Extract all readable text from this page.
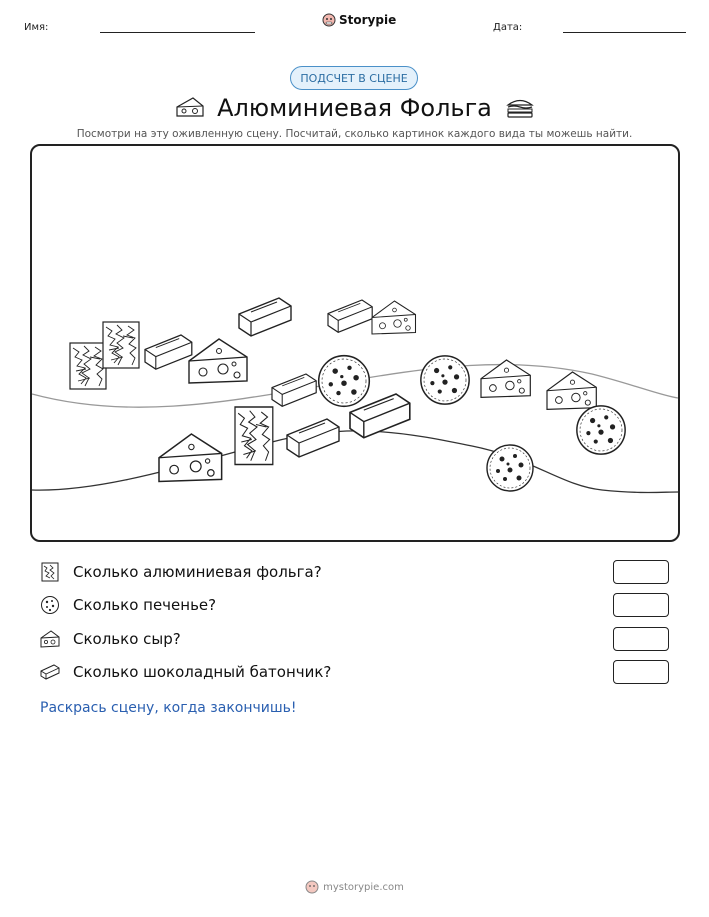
Имя:
Storypie
Дата:
ПОДСЧЕТ В СЦЕНЕ
Алюминиевая Фольга
Посмотри на эту оживленную сцену. Посчитай, сколько картинок каждого вида ты можешь найти.
Сколько алюминиевая фольга?
Сколько печенье?
Сколько сыр?
Сколько шоколадный батончик?
Раскрась сцену, когда закончишь!
mystorypie.com
